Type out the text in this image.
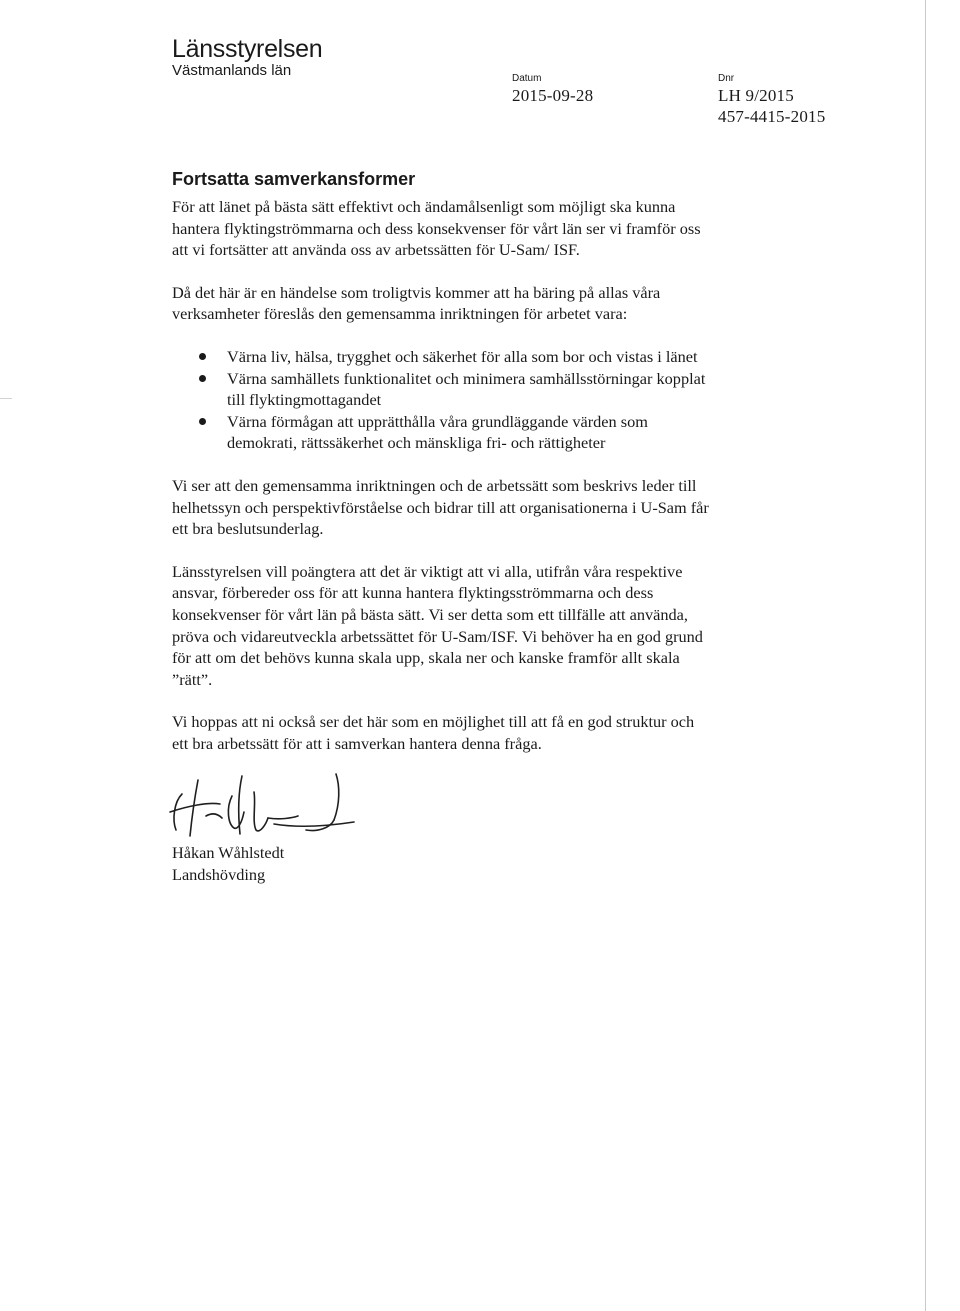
Länsstyrelsen
Västmanlands län	Datum
2015-09-28
Dnr
LH 9/2015
457-4415-2015
Fortsatta samverkansformer

För att länet på bästa sätt effektivt och ändamålsenligt som möjligt ska kunna
hantera flyktingströmmarna och dess konsekvenser för vårt län ser vi framför oss
att vi fortsätter att använda oss av arbetssätten för U-Sam/ ISF.

Då det här är en händelse som troligtvis kommer att ha bäring på allas våra
verksamheter föreslås den gemensamma inriktningen för arbetet vara:

Värna liv, hälsa, trygghet och säkerhet för alla som bor och vistas i länet
Värna samhällets funktionalitet och minimera samhällsstörningar kopplat
till flyktingmottagandet
Värna förmågan att upprätthålla våra grundläggande värden som
demokrati, rättssäkerhet och mänskliga fri- och rättigheter

Vi ser att den gemensamma inriktningen och de arbetssätt som beskrivs leder till
helhetssyn och perspektivförståelse och bidrar till att organisationerna i U-Sam får
ett bra beslutsunderlag.

Länsstyrelsen vill poängtera att det är viktigt att vi alla, utifrån våra respektive
ansvar, förbereder oss för att kunna hantera flyktingsströmmarna och dess
konsekvenser för vårt län på bästa sätt. Vi ser detta som ett tillfälle att använda,
pröva och vidareutveckla arbetssättet för U-Sam/ISF. Vi behöver ha en god grund
för att om det behövs kunna skala upp, skala ner och kanske framför allt skala
”rätt”.

Vi hoppas att ni också ser det här som en möjlighet till att få en god struktur och
ett bra arbetssätt för att i samverkan hantera denna fråga.

Håkan Wåhlstedt
Landshövding
